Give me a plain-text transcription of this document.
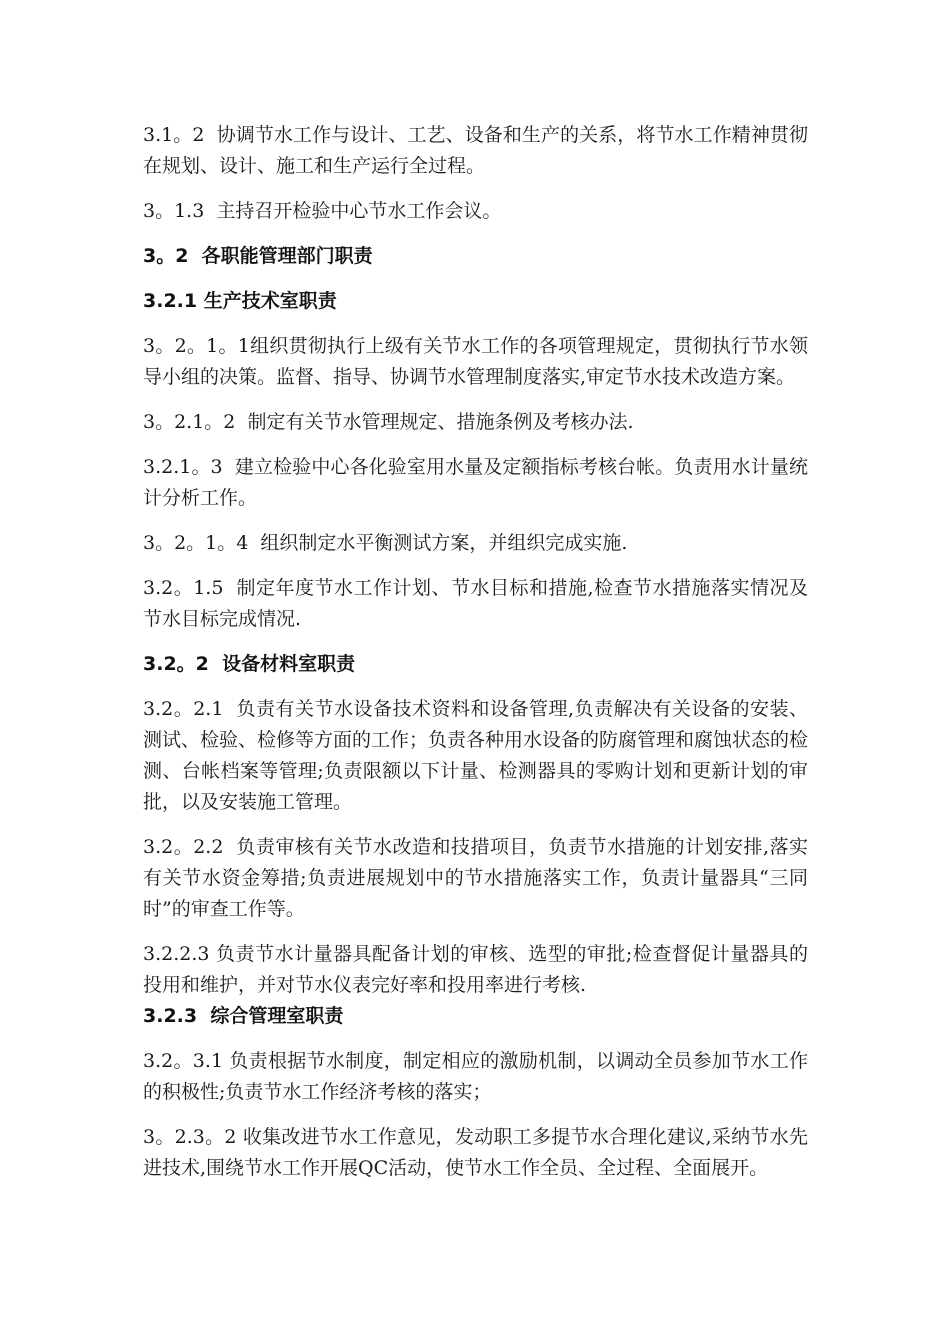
3.1。2  协调节水工作与设计、工艺、设备和生产的关系，将节水工作精神贯彻在规划、设计、施工和生产运行全过程。

3。1.3  主持召开检验中心节水工作会议。

3。2  各职能管理部门职责

3.2.1 生产技术室职责

3。2。1。1组织贯彻执行上级有关节水工作的各项管理规定，贯彻执行节水领导小组的决策。监督、指导、协调节水管理制度落实,审定节水技术改造方案。

3。2.1。2  制定有关节水管理规定、措施条例及考核办法.

3.2.1。3  建立检验中心各化验室用水量及定额指标考核台帐。负责用水计量统计分析工作。

3。2。1。4  组织制定水平衡测试方案，并组织完成实施.

3.2。1.5  制定年度节水工作计划、节水目标和措施,检查节水措施落实情况及节水目标完成情况.

3.2。2  设备材料室职责

3.2。2.1  负责有关节水设备技术资料和设备管理,负责解决有关设备的安装、测试、检验、检修等方面的工作；负责各种用水设备的防腐管理和腐蚀状态的检测、台帐档案等管理;负责限额以下计量、检测器具的零购计划和更新计划的审批，以及安装施工管理。

3.2。2.2  负责审核有关节水改造和技措项目，负责节水措施的计划安排,落实有关节水资金筹措;负责进展规划中的节水措施落实工作，负责计量器具“三同时”的审查工作等。

3.2.2.3 负责节水计量器具配备计划的审核、选型的审批;检查督促计量器具的投用和维护，并对节水仪表完好率和投用率进行考核.

3.2.3  综合管理室职责

3.2。3.1 负责根据节水制度，制定相应的激励机制，以调动全员参加节水工作的积极性;负责节水工作经济考核的落实；

3。2.3。2 收集改进节水工作意见，发动职工多提节水合理化建议,采纳节水先进技术,围绕节水工作开展QC活动，使节水工作全员、全过程、全面展开。
